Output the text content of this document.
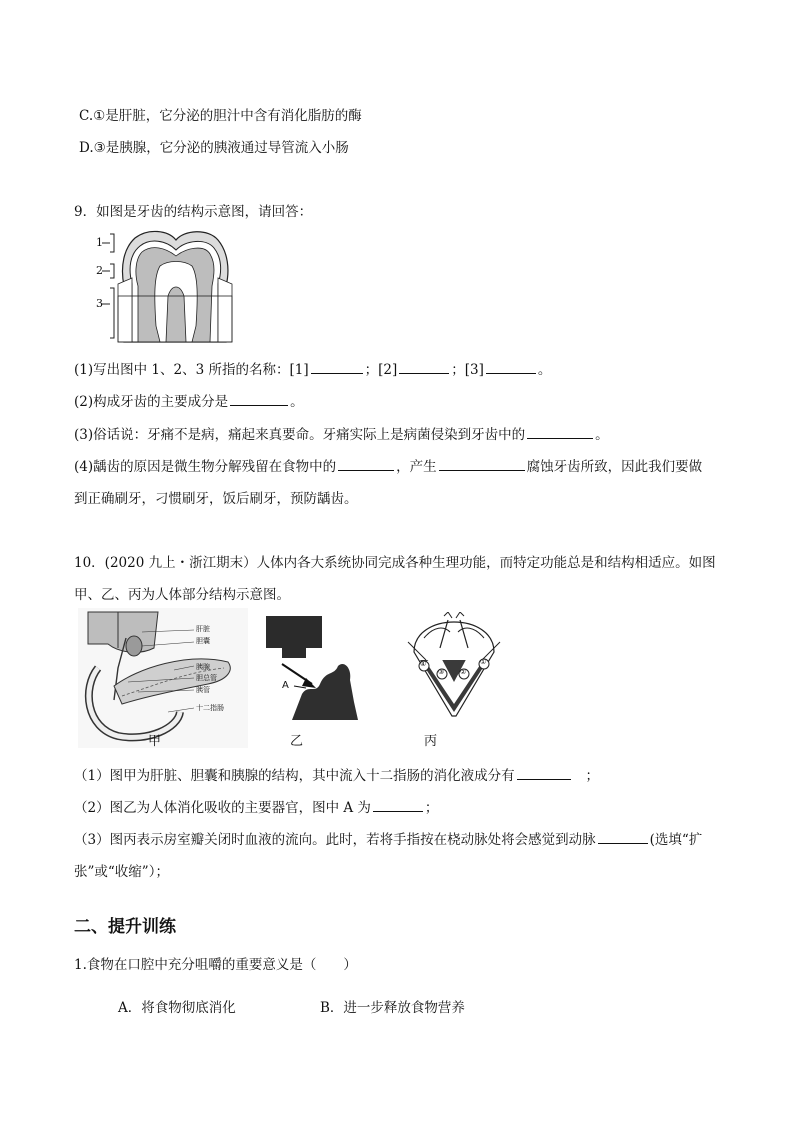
C.①是肝脏，它分泌的胆汁中含有消化脂肪的酶
D.③是胰腺，它分泌的胰液通过导管流入小肠
9．如图是牙齿的结构示意图，请回答：
1
2
3
(1)写出图中 1、2、3 所指的名称：[1]	；[2]	；[3]	。
(2)构成牙齿的主要成分是	。
(3)俗话说：牙痛不是病，痛起来真要命。牙痛实际上是病菌侵染到牙齿中的	。
(4)龋齿的原因是微生物分解残留在食物中的	，产生	腐蚀牙齿所致，因此我们要做
到正确刷牙，刁惯刷牙，饭后刷牙，预防龋齿。
10．(2020 九上・浙江期末）人体内各大系统协同完成各种生理功能，而特定功能总是和结构相适应。如图
甲、乙、丙为人体部分结构示意图。
肝脏
胆囊
胰腺
胆总管
胰管
十二指肠
甲
A
乙
④
③ ②
①
丙
（1）图甲为肝脏、胆囊和胰腺的结构，其中流入十二指肠的消化液成分有	；
（2）图乙为人体消化吸收的主要器官，图中 A 为	；
（3）图丙表示房室瓣关闭时血液的流向。此时，若将手指按在桡动脉处将会感觉到动脉	(选填“扩
张”或“收缩”）；
二、提升训练
1.食物在口腔中充分咀嚼的重要意义是（　　）
A．将食物彻底消化	B．进一步释放食物营养
